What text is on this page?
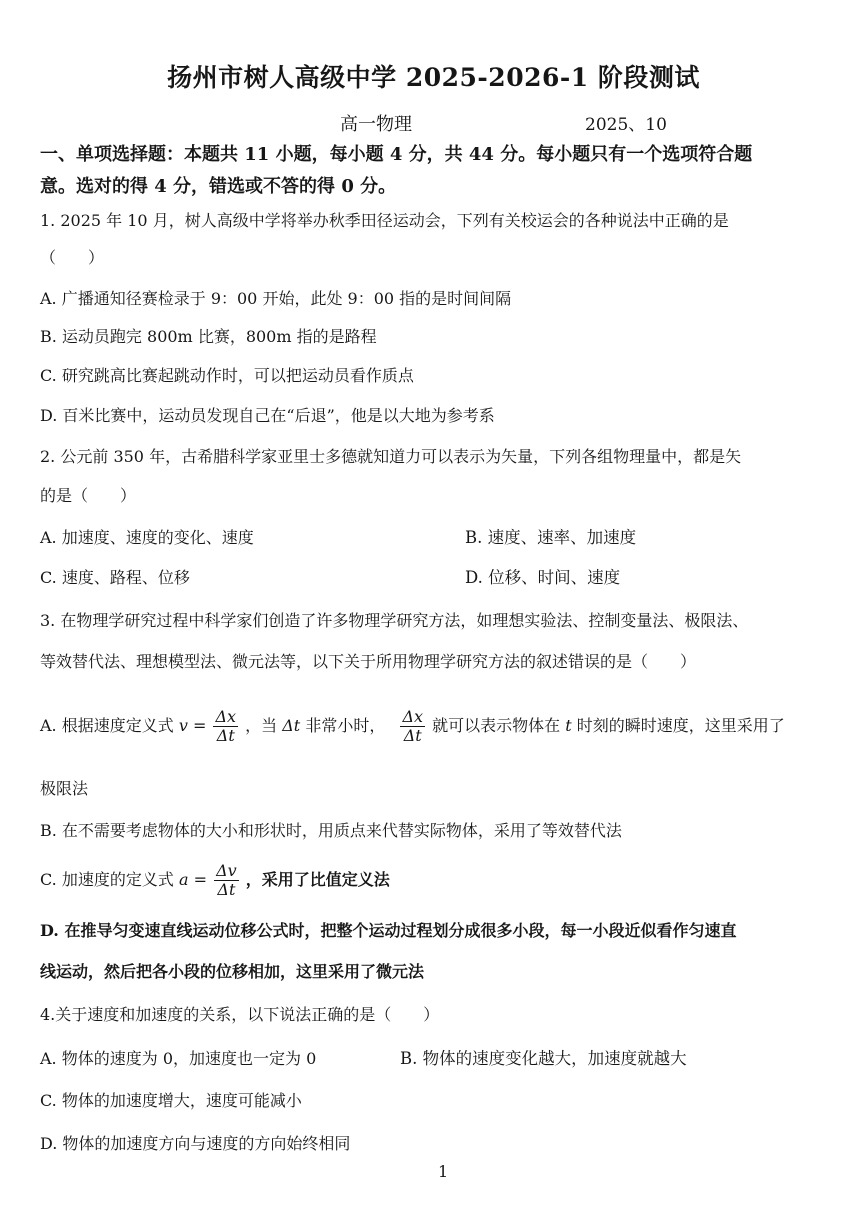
扬州市树人高级中学 2025-2026-1 阶段测试
高一物理	2025、10
一、单项选择题：本题共 11 小题，每小题 4 分，共 44 分。每小题只有一个选项符合题
意。选对的得 4 分，错选或不答的得 0 分。
1. 2025 年 10 月，树人高级中学将举办秋季田径运动会，下列有关校运会的各种说法中正确的是
（　　）
A. 广播通知径赛检录于 9：00 开始，此处 9：00 指的是时间间隔
B. 运动员跑完 800m 比赛，800m 指的是路程
C. 研究跳高比赛起跳动作时，可以把运动员看作质点
D. 百米比赛中，运动员发现自己在“后退”，他是以大地为参考系
2. 公元前 350 年，古希腊科学家亚里士多德就知道力可以表示为矢量，下列各组物理量中，都是矢
的是（　　）
A. 加速度、速度的变化、速度	B. 速度、速率、加速度
C. 速度、路程、位移	D. 位移、时间、速度
3. 在物理学研究过程中科学家们创造了许多物理学研究方法，如理想实验法、控制变量法、极限法、
等效替代法、理想模型法、微元法等，以下关于所用物理学研究方法的叙述错误的是（　　）
A. 根据速度定义式 $v = \frac{\Delta x}{\Delta t}$ ，当 Δt 非常小时， $\frac{\Delta x}{\Delta t}$ 就可以表示物体在 t 时刻的瞬时速度，这里采用了
极限法
B. 在不需要考虑物体的大小和形状时，用质点来代替实际物体，采用了等效替代法
C. 加速度的定义式 $a = \frac{\Delta v}{\Delta t}$ ，采用了比值定义法
D. 在推导匀变速直线运动位移公式时，把整个运动过程划分成很多小段，每一小段近似看作匀速直
线运动，然后把各小段的位移相加，这里采用了微元法
4.关于速度和加速度的关系，以下说法正确的是（　　）
A. 物体的速度为 0，加速度也一定为 0	B. 物体的速度变化越大，加速度就越大
C. 物体的加速度增大，速度可能减小
D. 物体的加速度方向与速度的方向始终相同
1
